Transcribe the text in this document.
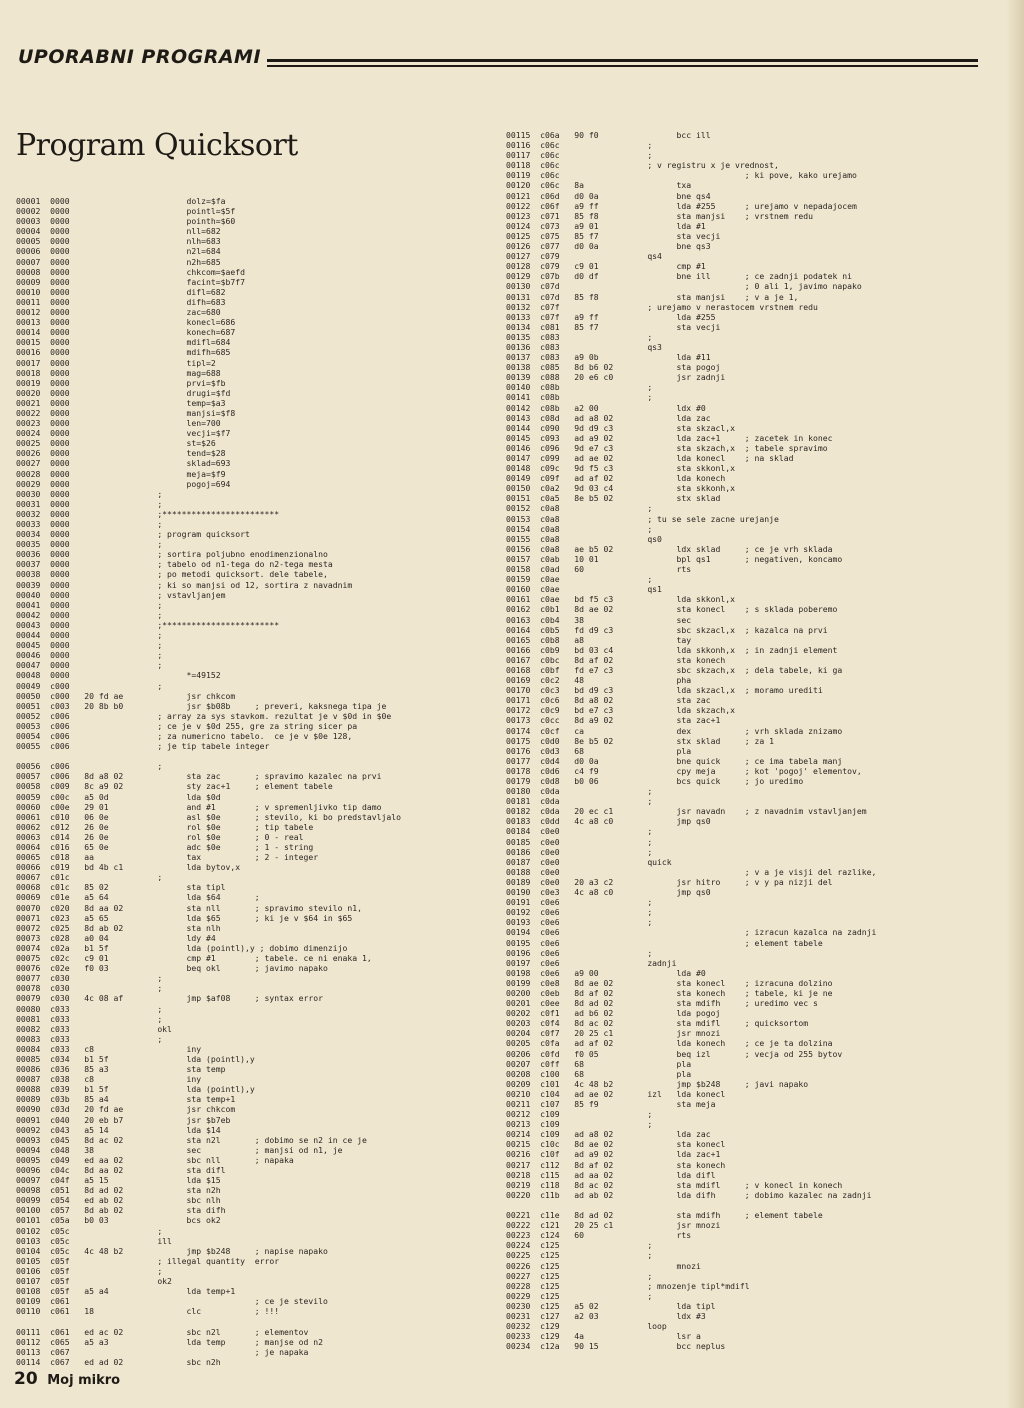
UPORABNI PROGRAMI
Program Quicksort
00001  0000                        dolz=$fa
00002  0000                        pointl=$5f
00003  0000                        pointh=$60
00004  0000                        nll=682
00005  0000                        nlh=683
00006  0000                        n2l=684
00007  0000                        n2h=685
00008  0000                        chkcom=$aefd
00009  0000                        facint=$b7f7
00010  0000                        difl=682
00011  0000                        difh=683
00012  0000                        zac=680
00013  0000                        konecl=686
00014  0000                        konech=687
00015  0000                        mdifl=684
00016  0000                        mdifh=685
00017  0000                        tipl=2
00018  0000                        mag=688
00019  0000                        prvi=$fb
00020  0000                        drugi=$fd
00021  0000                        temp=$a3
00022  0000                        manjsi=$f8
00023  0000                        len=700
00024  0000                        vecji=$f7
00025  0000                        st=$26
00026  0000                        tend=$28
00027  0000                        sklad=693
00028  0000                        meja=$f9
00029  0000                        pogoj=694
00030  0000                  ;
00031  0000                  ;
00032  0000                  ;************************
00033  0000                  ;
00034  0000                  ; program quicksort
00035  0000                  ;
00036  0000                  ; sortira poljubno enodimenzionalno
00037  0000                  ; tabelo od n1-tega do n2-tega mesta
00038  0000                  ; po metodi quicksort. dele tabele,
00039  0000                  ; ki so manjsi od 12, sortira z navadnim
00040  0000                  ; vstavljanjem
00041  0000                  ;
00042  0000                  ;
00043  0000                  ;************************
00044  0000                  ;
00045  0000                  ;
00046  0000                  ;
00047  0000                  ;
00048  0000                        *=49152
00049  c000                  ;
00050  c000   20 fd ae             jsr chkcom
00051  c003   20 8b b0             jsr $b08b     ; preveri, kaksnega tipa je
00052  c006                  ; array za sys stavkom. rezultat je v $0d in $0e
00053  c006                  ; ce je v $0d 255, gre za string sicer pa
00054  c006                  ; za numericno tabelo.  ce je v $0e 128,
00055  c006                  ; je tip tabele integer

00056  c006                  ;
00057  c006   8d a8 02             sta zac       ; spravimo kazalec na prvi
00058  c009   8c a9 02             sty zac+1     ; element tabele
00059  c00c   a5 0d                lda $0d
00060  c00e   29 01                and #1        ; v spremenljivko tip damo
00061  c010   06 0e                asl $0e       ; stevilo, ki bo predstavljalo
00062  c012   26 0e                rol $0e       ; tip tabele
00063  c014   26 0e                rol $0e       ; 0 - real
00064  c016   65 0e                adc $0e       ; 1 - string
00065  c018   aa                   tax           ; 2 - integer
00066  c019   bd 4b c1             lda bytov,x
00067  c01c                  ;
00068  c01c   85 02                sta tipl
00069  c01e   a5 64                lda $64       ;
00070  c020   8d aa 02             sta nll       ; spravimo stevilo n1,
00071  c023   a5 65                lda $65       ; ki je v $64 in $65
00072  c025   8d ab 02             sta nlh
00073  c028   a0 04                ldy #4
00074  c02a   b1 5f                lda (pointl),y ; dobimo dimenzijo
00075  c02c   c9 01                cmp #1        ; tabele. ce ni enaka 1,
00076  c02e   f0 03                beq okl       ; javimo napako
00077  c030                  ;
00078  c030                  ;
00079  c030   4c 08 af             jmp $af08     ; syntax error
00080  c033                  ;
00081  c033                  ;
00082  c033                  okl
00083  c033                  ;
00084  c033   c8                   iny
00085  c034   b1 5f                lda (pointl),y
00086  c036   85 a3                sta temp
00087  c038   c8                   iny
00088  c039   b1 5f                lda (pointl),y
00089  c03b   85 a4                sta temp+1
00090  c03d   20 fd ae             jsr chkcom
00091  c040   20 eb b7             jsr $b7eb
00092  c043   a5 14                lda $14
00093  c045   8d ac 02             sta n2l       ; dobimo se n2 in ce je
00094  c048   38                   sec           ; manjsi od n1, je
00095  c049   ed aa 02             sbc nll       ; napaka
00096  c04c   8d aa 02             sta difl
00097  c04f   a5 15                lda $15
00098  c051   8d ad 02             sta n2h
00099  c054   ed ab 02             sbc nlh
00100  c057   8d ab 02             sta difh
00101  c05a   b0 03                bcs ok2
00102  c05c                  ;
00103  c05c                  ill
00104  c05c   4c 48 b2             jmp $b248     ; napise napako
00105  c05f                  ; illegal quantity  error
00106  c05f                  ;
00107  c05f                  ok2
00108  c05f   a5 a4                lda temp+1
00109  c061                                      ; ce je stevilo
00110  c061   18                   clc           ; !!!

00111  c061   ed ac 02             sbc n2l       ; elementov
00112  c065   a5 a3                lda temp      ; manjse od n2
00113  c067                                      ; je napaka
00114  c067   ed ad 02             sbc n2h
00115  c06a   90 f0                bcc ill
00116  c06c                  ;
00117  c06c                  ;
00118  c06c                  ; v registru x je vrednost,
00119  c06c                                      ; ki pove, kako urejamo
00120  c06c   8a                   txa
00121  c06d   d0 0a                bne qs4
00122  c06f   a9 ff                lda #255      ; urejamo v nepadajocem
00123  c071   85 f8                sta manjsi    ; vrstnem redu
00124  c073   a9 01                lda #1
00125  c075   85 f7                sta vecji
00126  c077   d0 0a                bne qs3
00127  c079                  qs4
00128  c079   c9 01                cmp #1
00129  c07b   d0 df                bne ill       ; ce zadnji podatek ni
00130  c07d                                      ; 0 ali 1, javimo napako
00131  c07d   85 f8                sta manjsi    ; v a je 1,
00132  c07f                  ; urejamo v nerastocem vrstnem redu
00133  c07f   a9 ff                lda #255
00134  c081   85 f7                sta vecji
00135  c083                  ;
00136  c083                  qs3
00137  c083   a9 0b                lda #11
00138  c085   8d b6 02             sta pogoj
00139  c088   20 e6 c0             jsr zadnji
00140  c08b                  ;
00141  c08b                  ;
00142  c08b   a2 00                ldx #0
00143  c08d   ad a8 02             lda zac
00144  c090   9d d9 c3             sta skzacl,x
00145  c093   ad a9 02             lda zac+1     ; zacetek in konec
00146  c096   9d e7 c3             sta skzach,x  ; tabele spravimo
00147  c099   ad ae 02             lda konecl    ; na sklad
00148  c09c   9d f5 c3             sta skkonl,x
00149  c09f   ad af 02             lda konech
00150  c0a2   9d 03 c4             sta skkonh,x
00151  c0a5   8e b5 02             stx sklad
00152  c0a8                  ;
00153  c0a8                  ; tu se sele zacne urejanje
00154  c0a8                  ;
00155  c0a8                  qs0
00156  c0a8   ae b5 02             ldx sklad     ; ce je vrh sklada
00157  c0ab   10 01                bpl qs1       ; negativen, koncamo
00158  c0ad   60                   rts
00159  c0ae                  ;
00160  c0ae                  qs1
00161  c0ae   bd f5 c3             lda skkonl,x
00162  c0b1   8d ae 02             sta konecl    ; s sklada poberemo
00163  c0b4   38                   sec
00164  c0b5   fd d9 c3             sbc skzacl,x  ; kazalca na prvi
00165  c0b8   a8                   tay
00166  c0b9   bd 03 c4             lda skkonh,x  ; in zadnji element
00167  c0bc   8d af 02             sta konech
00168  c0bf   fd e7 c3             sbc skzach,x  ; dela tabele, ki ga
00169  c0c2   48                   pha
00170  c0c3   bd d9 c3             lda skzacl,x  ; moramo urediti
00171  c0c6   8d a8 02             sta zac
00172  c0c9   bd e7 c3             lda skzach,x
00173  c0cc   8d a9 02             sta zac+1
00174  c0cf   ca                   dex           ; vrh sklada znizamo
00175  c0d0   8e b5 02             stx sklad     ; za 1
00176  c0d3   68                   pla
00177  c0d4   d0 0a                bne quick     ; ce ima tabela manj
00178  c0d6   c4 f9                cpy meja      ; kot 'pogoj' elementov,
00179  c0d8   b0 06                bcs quick     ; jo uredimo
00180  c0da                  ;
00181  c0da                  ;
00182  c0da   20 ec c1             jsr navadn    ; z navadnim vstavljanjem
00183  c0dd   4c a8 c0             jmp qs0
00184  c0e0                  ;
00185  c0e0                  ;
00186  c0e0                  ;
00187  c0e0                  quick
00188  c0e0                                      ; v a je visji del razlike,
00189  c0e0   20 a3 c2             jsr hitro     ; v y pa nizji del
00190  c0e3   4c a8 c0             jmp qs0
00191  c0e6                  ;
00192  c0e6                  ;
00193  c0e6                  ;
00194  c0e6                                      ; izracun kazalca na zadnji
00195  c0e6                                      ; element tabele
00196  c0e6                  ;
00197  c0e6                  zadnji
00198  c0e6   a9 00                lda #0
00199  c0e8   8d ae 02             sta konecl    ; izracuna dolzino
00200  c0eb   8d af 02             sta konech    ; tabele, ki je ne
00201  c0ee   8d ad 02             sta mdifh     ; uredimo vec s
00202  c0f1   ad b6 02             lda pogoj
00203  c0f4   8d ac 02             sta mdifl     ; quicksortom
00204  c0f7   20 25 c1             jsr mnozi
00205  c0fa   ad af 02             lda konech    ; ce je ta dolzina
00206  c0fd   f0 05                beq izl       ; vecja od 255 bytov
00207  c0ff   68                   pla
00208  c100   68                   pla
00209  c101   4c 48 b2             jmp $b248     ; javi napako
00210  c104   ad ae 02       izl   lda konecl
00211  c107   85 f9                sta meja
00212  c109                  ;
00213  c109                  ;
00214  c109   ad a8 02             lda zac
00215  c10c   8d ae 02             sta konecl
00216  c10f   ad a9 02             lda zac+1
00217  c112   8d af 02             sta konech
00218  c115   ad aa 02             lda difl
00219  c118   8d ac 02             sta mdifl     ; v konecl in konech
00220  c11b   ad ab 02             lda difh      ; dobimo kazalec na zadnji

00221  c11e   8d ad 02             sta mdifh     ; element tabele
00222  c121   20 25 c1             jsr mnozi
00223  c124   60                   rts
00224  c125                  ;
00225  c125                  ;
00226  c125                        mnozi
00227  c125                  ;
00228  c125                  ; mnozenje tipl*mdifl
00229  c125                  ;
00230  c125   a5 02                lda tipl
00231  c127   a2 03                ldx #3
00232  c129                  loop
00233  c129   4a                   lsr a
00234  c12a   90 15                bcc neplus
20 Moj mikro
